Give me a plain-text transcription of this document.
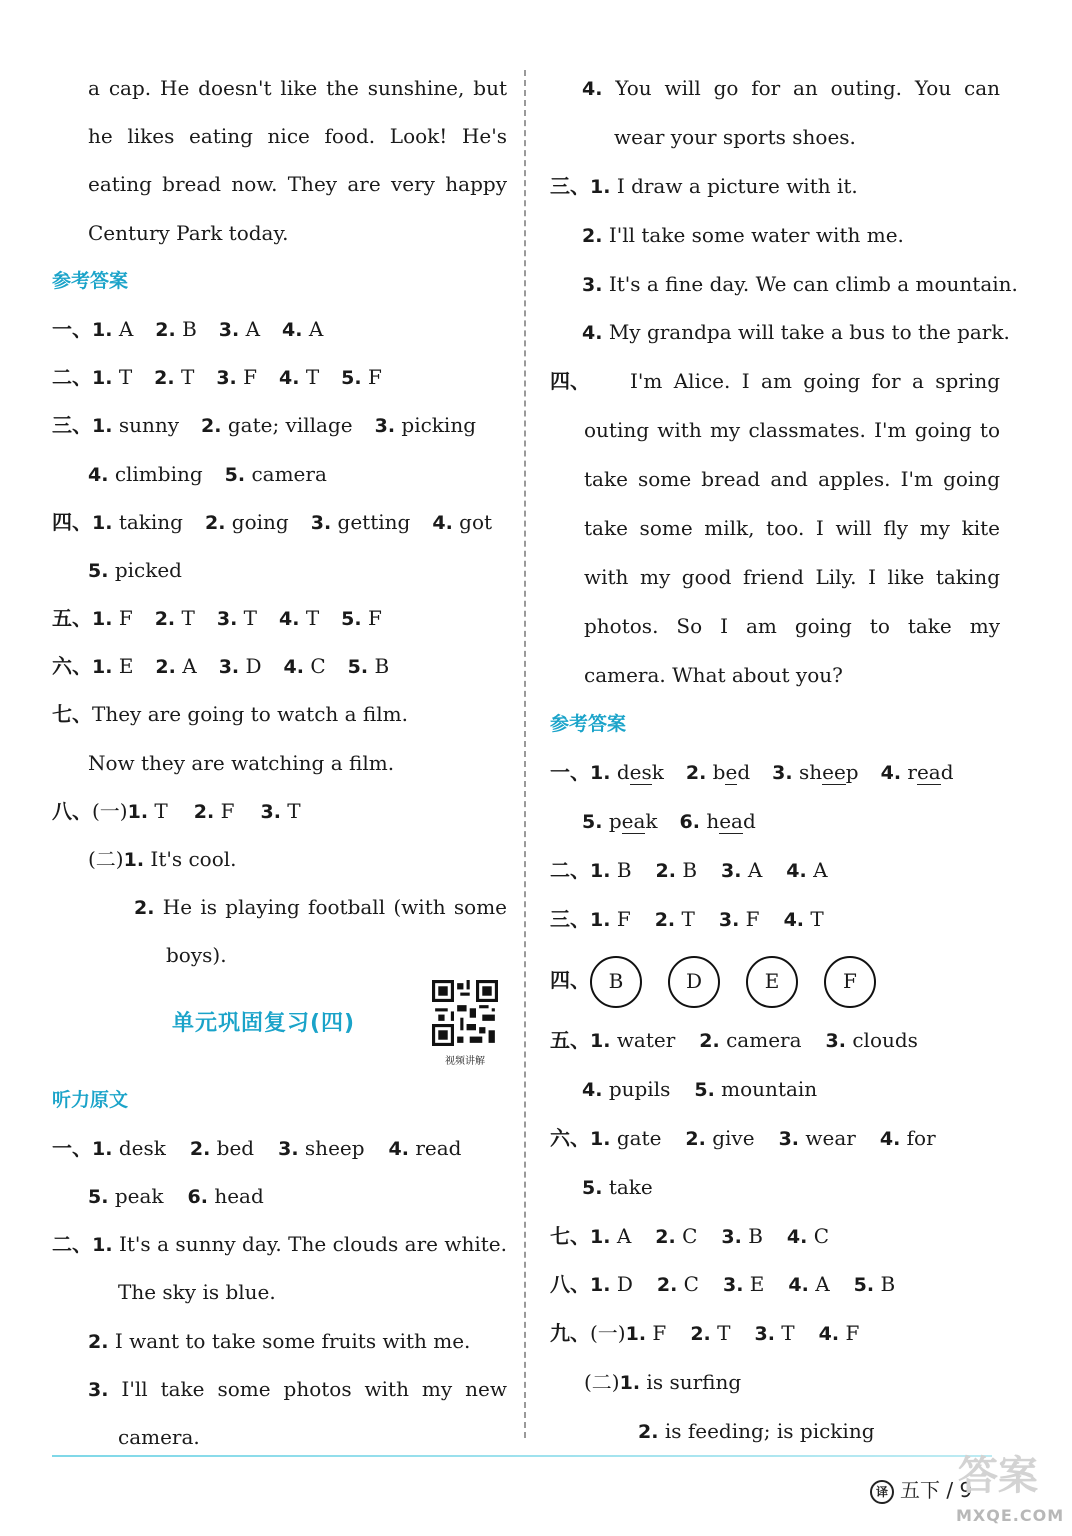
a cap. He doesn't like the sunshine, but
he likes eating nice food. Look! He's
eating bread now. They are very happy
Century Park today.
参考答案
一、1. A 2. B 3. A 4. A
二、1. T 2. T 3. F 4. T 5. F
三、1. sunny 2. gate; village 3. picking
4. climbing 5. camera
四、1. taking 2. going 3. getting 4. got
5. picked
五、1. F 2. T 3. T 4. T 5. F
六、1. E 2. A 3. D 4. C 5. B
七、They are going to watch a film.
Now they are watching a film.
八、(一)1. T 2. F 3. T
(二)1. It's cool.
2. He is playing football (with some
boys).
单元巩固复习(四)
视频讲解
听力原文
一、1. desk 2. bed 3. sheep 4. read
5. peak 6. head
二、1. It's a sunny day. The clouds are white.
The sky is blue.
2. I want to take some fruits with me.
3. I'll take some photos with my new
camera.
4. You will go for an outing. You can
wear your sports shoes.
三、1. I draw a picture with it.
2. I'll take some water with me.
3. It's a fine day. We can climb a mountain.
4. My grandpa will take a bus to the park.
四、	I'm Alice. I am going for a spring
outing with my classmates. I'm going to
take some bread and apples. I'm going
take some milk, too. I will fly my kite
with my good friend Lily. I like taking
photos. So I am going to take my
camera. What about you?
参考答案
一、1. desk 2. bed 3. sheep 4. read
5. peak 6. head
二、1. B 2. B 3. A 4. A
三、1. F 2. T 3. F 4. T
四、 B	D	E	F
五、1. water 2. camera 3. clouds
4. pupils 5. mountain
六、1. gate 2. give 3. wear 4. for
5. take
七、1. A 2. C 3. B 4. C
八、1. D 2. C 3. E 4. A 5. B
九、(一)1. F 2. T 3. T 4. F
(二)1. is surfing
2. is feeding; is picking
译 五下 / 9
答案
MXQE.COM
